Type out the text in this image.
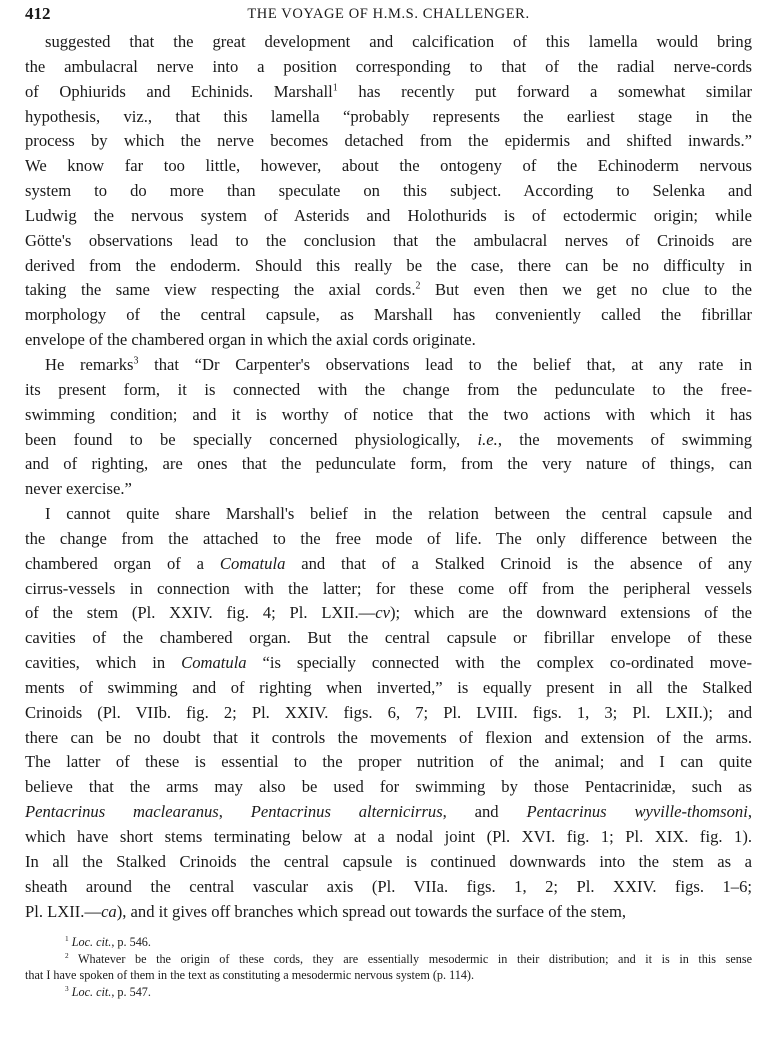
412	THE VOYAGE OF H.M.S. CHALLENGER.
suggested that the great development and calcification of this lamella would bring
the ambulacral nerve into a position corresponding to that of the radial nerve-cords
of Ophiurids and Echinids. Marshall$^1$ has recently put forward a somewhat similar
hypothesis, viz., that this lamella “probably represents the earliest stage in the
process by which the nerve becomes detached from the epidermis and shifted inwards.”
We know far too little, however, about the ontogeny of the Echinoderm nervous
system to do more than speculate on this subject. According to Selenka and
Ludwig the nervous system of Asterids and Holothurids is of ectodermic origin; while
Götte's observations lead to the conclusion that the ambulacral nerves of Crinoids are
derived from the endoderm. Should this really be the case, there can be no difficulty in
taking the same view respecting the axial cords.$^2$ But even then we get no clue to the
morphology of the central capsule, as Marshall has conveniently called the fibrillar
envelope of the chambered organ in which the axial cords originate.
He remarks$^3$ that “Dr Carpenter's observations lead to the belief that, at any rate in
its present form, it is connected with the change from the pedunculate to the free-
swimming condition; and it is worthy of notice that the two actions with which it has
been found to be specially concerned physiologically, i.e., the movements of swimming
and of righting, are ones that the pedunculate form, from the very nature of things, can
never exercise.”
I cannot quite share Marshall's belief in the relation between the central capsule and
the change from the attached to the free mode of life. The only difference between the
chambered organ of a Comatula and that of a Stalked Crinoid is the absence of any
cirrus-vessels in connection with the latter; for these come off from the peripheral vessels
of the stem (Pl. XXIV. fig. 4; Pl. LXII.—cv); which are the downward extensions of the
cavities of the chambered organ. But the central capsule or fibrillar envelope of these
cavities, which in Comatula “is specially connected with the complex co-ordinated move-
ments of swimming and of righting when inverted,” is equally present in all the Stalked
Crinoids (Pl. VIIb. fig. 2; Pl. XXIV. figs. 6, 7; Pl. LVIII. figs. 1, 3; Pl. LXII.); and
there can be no doubt that it controls the movements of flexion and extension of the arms.
The latter of these is essential to the proper nutrition of the animal; and I can quite
believe that the arms may also be used for swimming by those Pentacrinidæ, such as
Pentacrinus maclearanus, Pentacrinus alternicirrus, and Pentacrinus wyville-thomsoni,
which have short stems terminating below at a nodal joint (Pl. XVI. fig. 1; Pl. XIX. fig. 1).
In all the Stalked Crinoids the central capsule is continued downwards into the stem as a
sheath around the central vascular axis (Pl. VIIa. figs. 1, 2; Pl. XXIV. figs. 1–6;
Pl. LXII.—ca), and it gives off branches which spread out towards the surface of the stem,
$^1$ Loc. cit., p. 546.
$^2$ Whatever be the origin of these cords, they are essentially mesodermic in their distribution; and it is in this sense
that I have spoken of them in the text as constituting a mesodermic nervous system (p. 114).
$^3$ Loc. cit., p. 547.
